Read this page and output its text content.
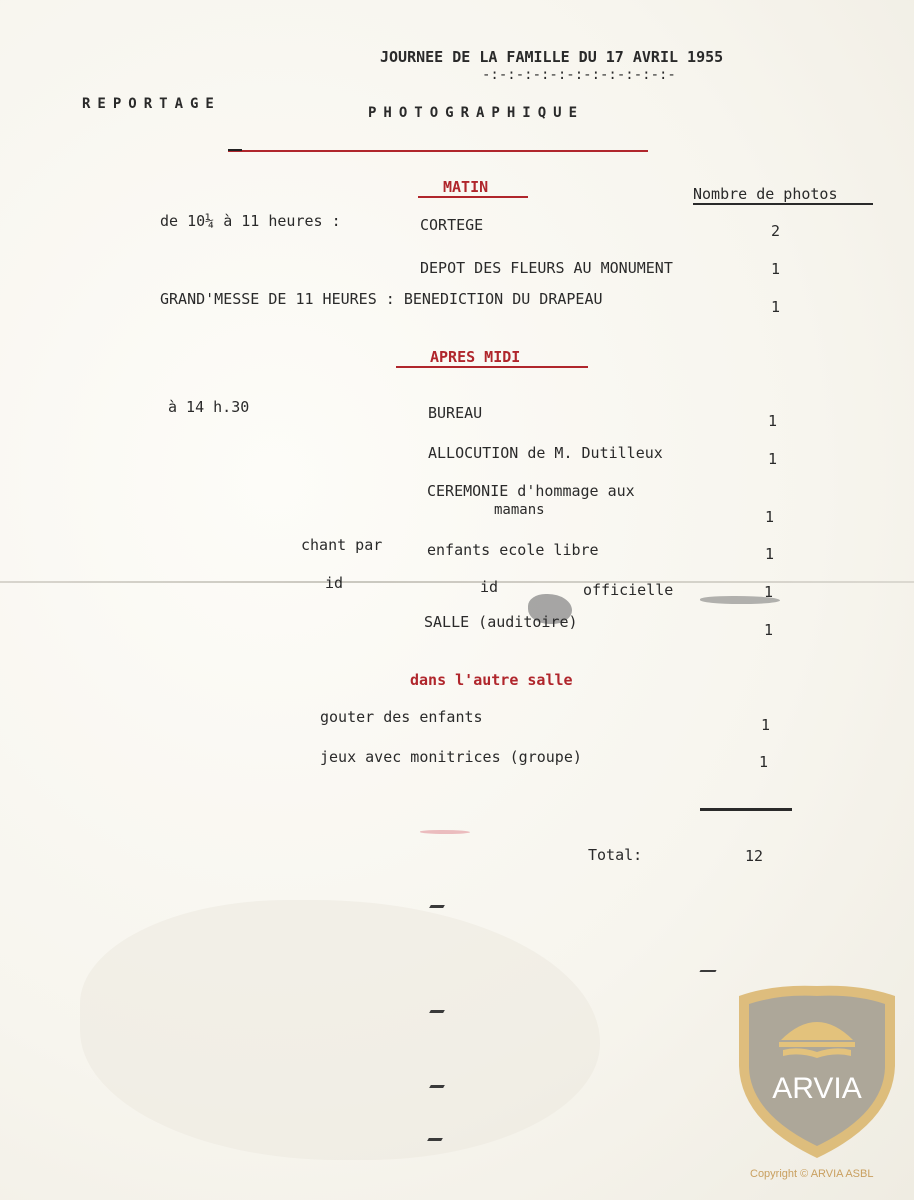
JOURNEE DE LA FAMILLE DU 17 AVRIL 1955
-:-:-:-:-:-:-:-:-:-:-:-
REPORTAGE
PHOTOGRAPHIQUE
Nombre de photos
MATIN
de 10¼ à 11 heures :	CORTEGE	2
DEPOT DES FLEURS AU MONUMENT	1
GRAND'MESSE DE 11 HEURES : BENEDICTION DU DRAPEAU	1
APRES MIDI
à 14 h.30	BUREAU	1
ALLOCUTION de M. Dutilleux	1
CEREMONIE d'hommage aux
mamans	1
chant par	enfants ecole libre	1
id	id	officielle	1
SALLE (auditoire)	1
dans l'autre salle
gouter des enfants	1
jeux avec monitrices (groupe)	1
Total:	12
ARVIA
Copyright © ARVIA ASBL
